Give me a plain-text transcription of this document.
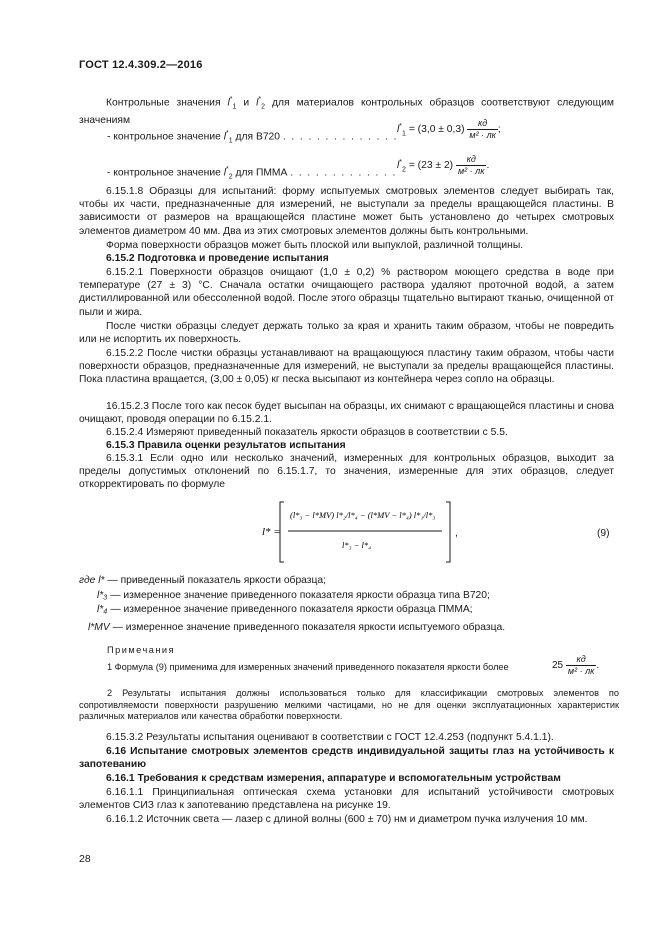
ГОСТ 12.4.309.2—2016
Контрольные значения $l^*_1$ и $l^*_2$ для материалов контрольных образцов соответствуют следующим значениям
- контрольное значение $l^*_1$ для В720 . . . . . . . . . . . . . .
$l^*_1 = (3,0 \pm 0,3) \frac{кд}{\text{м² · лк}}$ ;
- контрольное значение $l^*_2$ для ПММА . . . . . . . . . . . . .
$l^*_2 = (23 \pm 2) \frac{кд}{\text{м² · лк}}$ .
6.15.1.8 Образцы для испытаний: форму испытуемых смотровых элементов следует выбирать так, чтобы их части, предназначенные для измерений, не выступали за пределы вращающейся пластины. В зависимости от размеров на вращающейся пластине может быть установлено до четырех смотровых элементов диаметром 40 мм. Два из этих смотровых элементов должны быть контрольными.
Форма поверхности образцов может быть плоской или выпуклой, различной толщины.
6.15.2 Подготовка и проведение испытания
6.15.2.1 Поверхности образцов очищают (1,0 ± 0,2) % раствором моющего средства в воде при температуре (27 ± 3) °С. Сначала остатки очищающего раствора удаляют проточной водой, а затем дистиллированной или обессоленной водой. После этого образцы тщательно вытирают тканью, очищенной от пыли и жира.
После чистки образцы следует держать только за края и хранить таким образом, чтобы не повредить или не испортить их поверхность.
6.15.2.2 После чистки образцы устанавливают на вращающуюся пластину таким образом, чтобы части поверхности образцов, предназначенные для измерений, не выступали за пределы вращающейся пластины. Пока пластина вращается, (3,00 ± 0,05) кг песка высыпают из контейнера через сопло на образцы.
16.15.2.3 После того как песок будет высыпан на образцы, их снимают с вращающейся пластины и снова очищают, проводя операции по 6.15.2.1.
6.15.2.4 Измеряют приведенный показатель яркости образцов в соответствии с 5.5.
6.15.3 Правила оценки результатов испытания
6.15.3.1 Если одно или несколько значений, измеренных для контрольных образцов, выходит за пределы допустимых отклонений по 6.15.1.7, то значения, измеренные для этих образцов, следует откорректировать по формуле
l* =
(l*₃ − l*MV) l*₂/l*₄ − (l*MV − l*₄) l*₁/l*₃
l*₃ − l*₄
,	(9)
где l* — приведенный показатель яркости образца;
l*₃ — измеренное значение приведенного показателя яркости образца типа В720;
l*₄ — измеренное значение приведенного показателя яркости образца ПММА;
l*MV — измеренное значение приведенного показателя яркости испытуемого образца.
Примечания
1 Формула (9) применима для измеренных значений приведенного показателя яркости более	$25 \frac{кд}{\text{м² · лк}}$ .
2 Результаты испытания должны использоваться только для классификации смотровых элементов по сопротивляемости поверхности разрушению мелкими частицами, но не для оценки эксплуатационных характеристик различных материалов или качества обработки поверхности.
6.15.3.2 Результаты испытания оценивают в соответствии с ГОСТ 12.4.253 (подпункт 5.4.1.1).
6.16 Испытание смотровых элементов средств индивидуальной защиты глаз на устойчивость к запотеванию
6.16.1 Требования к средствам измерения, аппаратуре и вспомогательным устройствам
6.16.1.1 Принципиальная оптическая схема установки для испытаний устойчивости смотровых элементов СИЗ глаз к запотеванию представлена на рисунке 19.
6.16.1.2 Источник света — лазер с длиной волны (600 ± 70) нм и диаметром пучка излучения 10 мм.
28
